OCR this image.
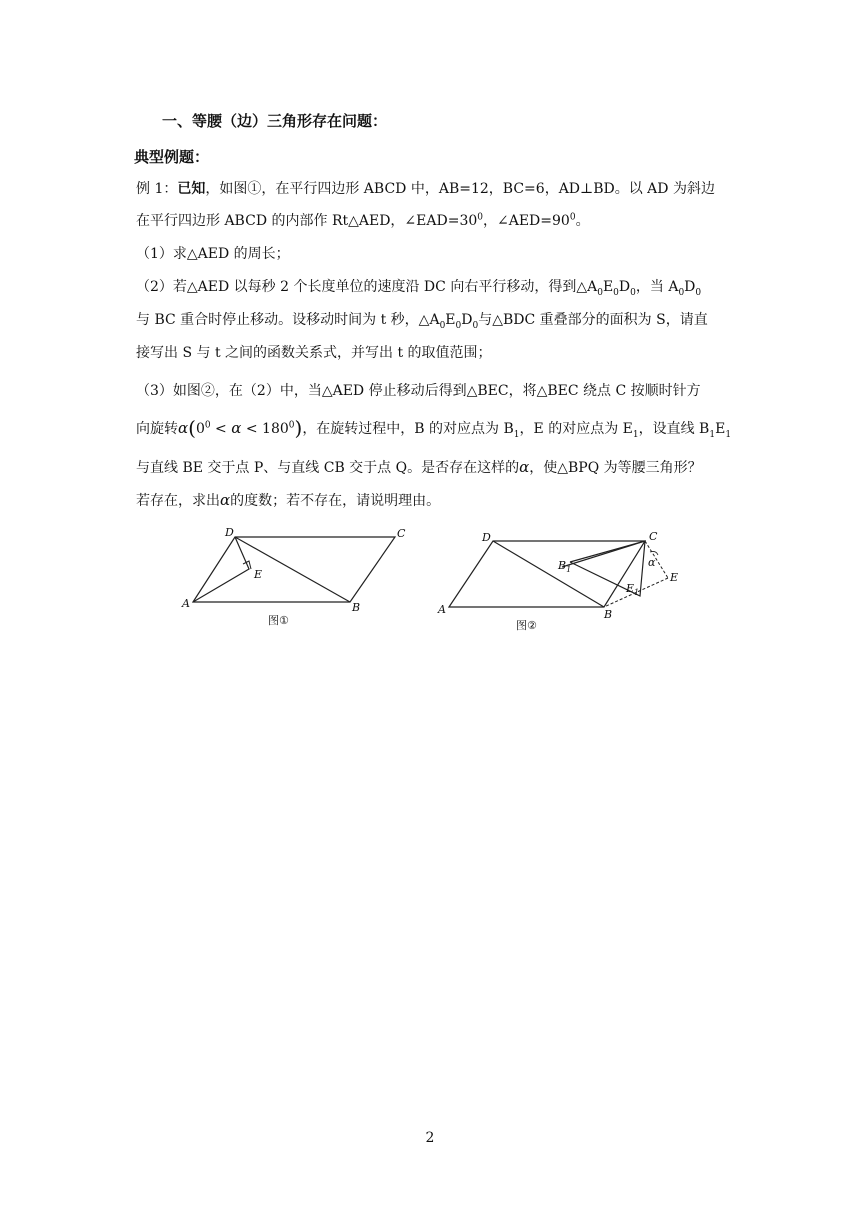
一、等腰（边）三角形存在问题：
典型例题：
例 1：已知，如图①，在平行四边形 ABCD 中，AB=12，BC=6，AD⊥BD。以 AD 为斜边
在平行四边形 ABCD 的内部作 Rt△AED，$\angle EAD=30^0$，$\angle AED=90^0$。
（1）求△AED 的周长；
（2）若△AED 以每秒 2 个长度单位的速度沿 DC 向右平行移动，得到$\triangle A_0E_0D_0$，当 $A_0D_0$
与 BC 重合时停止移动。设移动时间为 t 秒，$\triangle A_0E_0D_0$与△BDC 重叠部分的面积为 S，请直
接写出 S 与 t 之间的函数关系式，并写出 t 的取值范围；
（3）如图②，在（2）中，当△AED 停止移动后得到△BEC，将△BEC 绕点 C 按顺时针方
向旋转$\alpha(0^0 < \alpha < 180^0)$，在旋转过程中，B 的对应点为 $B_1$，E 的对应点为 $E_1$，设直线 $B_1E_1$
与直线 BE 交于点 P、与直线 CB 交于点 Q。是否存在这样的α，使△BPQ 为等腰三角形？
若存在，求出α的度数；若不存在，请说明理由。
A
D	C
B
E
图①
A
D	C
B
E
$B_1$
$E_1$
α
图②
2
